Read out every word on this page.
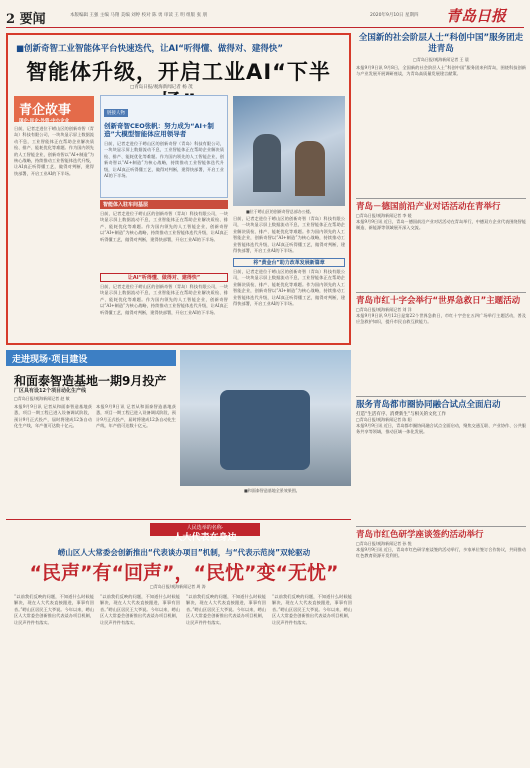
2 要闻	本版编辑 王强 主编 马翔 美编 刘婷 校对 陈 勇 审读 王 明 组版 张 朋	2020年9月10日 星期四 青岛日报
■创新奇智工业智能体平台快速迭代，让AI“听得懂、做得对、建得快”
智能体升级，开启工业AI“下半
□青岛日报/观海新闻记者 杨 茂
青企故事
国企·民企·外资·中小企业
日前，记者走进位于崂山区的创新奇智（青岛）科技有限公司，一块块显示屏上数据流动不息，工业智能体正在帮助企业解决质检、排产、能耗优化等难题。作为国内领先的人工智能企业，创新奇智以“AI+制造”为核心战略，持续推动工业智能体迭代升级，让AI真正听得懂工艺，做得对判断，建得快部署，开启工业AI的下半场。
链接人物
创新奇智CEO张帆：努力成为“AI+制造”大模型智能体应用领导者
日前，记者走进位于崂山区的创新奇智（青岛）科技有限公司，一块块显示屏上数据流动不息，工业智能体正在帮助企业解决质检、排产、能耗优化等难题。作为国内领先的人工智能企业，创新奇智以“AI+制造”为核心战略，持续推动工业智能体迭代升级，让AI真正听得懂工艺，做得对判断，建得快部署，开启工业AI的下半场。
智能体入驻车间基层
日前，记者走进位于崂山区的创新奇智（青岛）科技有限公司，一块块显示屏上数据流动不息，工业智能体正在帮助企业解决质检、排产、能耗优化等难题。作为国内领先的人工智能企业，创新奇智以“AI+制造”为核心战略，持续推动工业智能体迭代升级，让AI真正听得懂工艺，做得对判断，建得快部署，开启工业AI的下半场。
让AI“听得懂、做得对、建得快”
日前，记者走进位于崂山区的创新奇智（青岛）科技有限公司，一块块显示屏上数据流动不息，工业智能体正在帮助企业解决质检、排产、能耗优化等难题。作为国内领先的人工智能企业，创新奇智以“AI+制造”为核心战略，持续推动工业智能体迭代升级，让AI真正听得懂工艺，做得对判断，建得快部署，开启工业AI的下半场。
■位于崂山区的创新奇智总部办公楼。
日前，记者走进位于崂山区的创新奇智（青岛）科技有限公司，一块块显示屏上数据流动不息，工业智能体正在帮助企业解决质检、排产、能耗优化等难题。作为国内领先的人工智能企业，创新奇智以“AI+制造”为核心战略，持续推动工业智能体迭代升级，让AI真正听得懂工艺，做得对判断，建得快部署，开启工业AI的下半场。
将“黄金台”助力改革发展新篇章
日前，记者走进位于崂山区的创新奇智（青岛）科技有限公司，一块块显示屏上数据流动不息，工业智能体正在帮助企业解决质检、排产、能耗优化等难题。作为国内领先的人工智能企业，创新奇智以“AI+制造”为核心战略，持续推动工业智能体迭代升级，让AI真正听得懂工艺，做得对判断，建得快部署，开启工业AI的下半场。
全国新的社会阶层人士“科创中国”服务团走进青岛
□青岛日报/观海新闻记者 王 晨
本报9月9日讯 9月8日，全国新的社会阶层人士“科创中国”服务团来到青岛，围绕科技创新与产业发展开展调研座谈，为青岛高质量发展建言献策。
青岛－德国前沿产业对话活动在青举行
□青岛日报/观海新闻记者 李 媛
本报9月9日讯 近日，青岛－德国前沿产业对话活动在青岛举行，中德双方企业代表围绕智能制造、新能源等领域展开深入交流。
青岛市红十字会举行“世界急救日”主题活动
□青岛日报/观海新闻记者 刘 洋
本报9月9日讯 9月12日是第22个世界急救日，市红十字会在五四广场举行主题活动，普及应急救护知识，提升市民自救互救能力。
服务青岛都市圈协同融合试点全面启动
打造“生活有序、消费新生”与相关的文化工作
□青岛日报/观海新闻记者 陈 阳
本报9月9日讯 近日，青岛都市圈协同融合试点全面启动，聚焦交通互联、产业协作、公共服务共享等领域，推动区域一体化发展。
青岛市红色研学座谈签约活动举行
□青岛日报/观海新闻记者 孙 悦
本报9月9日讯 近日，青岛市红色研学座谈签约活动举行，多家单位签订合作协议，共同推动红色教育资源开发利用。
走进现场·项目建设
和面泰智造基地一期9月投产
厂区具有设12个项目动化生产线
□青岛日报/观海新闻记者 赵 敏
本报9月9日讯 记者从和面泰智造基地获悉，项目一期工程已进入设备调试阶段，预计9月正式投产，届时将建成12条自动化生产线，年产值可达数十亿元。
本报9月9日讯 记者从和面泰智造基地获悉，项目一期工程已进入设备调试阶段，预计9月正式投产，届时将建成12条自动化生产线，年产值可达数十亿元。
■和面泰智造基地全景效果图。
人民选举的名称·
人大代表在身边
崂山区人大常委会创新推出“代表谈办项目”机制，与“代表示范岗”双轮驱动
“民声”有“回声”，“民忧”变“无忧”
□青岛日报/观海新闻记者 周 涛
“以前我们反映的问题，不知道什么时候能解决，现在人大代表直接跟进，事事有回音。”崂山区居民王大爷说。今年以来，崂山区人大常委会创新推出代表谈办项目机制，让民声件件有落实。
“以前我们反映的问题，不知道什么时候能解决，现在人大代表直接跟进，事事有回音。”崂山区居民王大爷说。今年以来，崂山区人大常委会创新推出代表谈办项目机制，让民声件件有落实。
“以前我们反映的问题，不知道什么时候能解决，现在人大代表直接跟进，事事有回音。”崂山区居民王大爷说。今年以来，崂山区人大常委会创新推出代表谈办项目机制，让民声件件有落实。
“以前我们反映的问题，不知道什么时候能解决，现在人大代表直接跟进，事事有回音。”崂山区居民王大爷说。今年以来，崂山区人大常委会创新推出代表谈办项目机制，让民声件件有落实。
